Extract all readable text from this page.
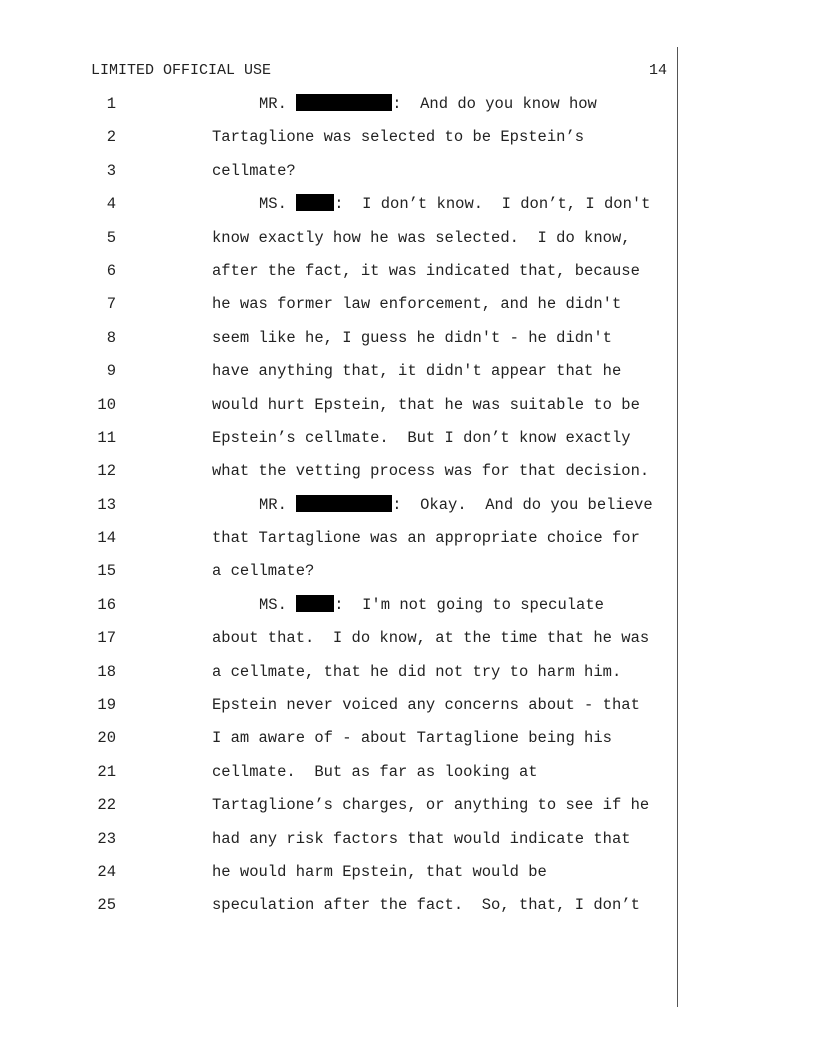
LIMITED OFFICIAL USE	14
1	MR.	:  And do you know how
2	Tartaglione was selected to be Epstein’s
3	cellmate?
4	MS.	:  I don’t know.  I don’t, I don't
5	know exactly how he was selected.  I do know,
6	after the fact, it was indicated that, because
7	he was former law enforcement, and he didn't
8	seem like he, I guess he didn't - he didn't
9	have anything that, it didn't appear that he
10	would hurt Epstein, that he was suitable to be
11	Epstein’s cellmate.  But I don’t know exactly
12	what the vetting process was for that decision.
13	MR.	:  Okay.  And do you believe
14	that Tartaglione was an appropriate choice for
15	a cellmate?
16	MS.	:  I'm not going to speculate
17	about that.  I do know, at the time that he was
18	a cellmate, that he did not try to harm him.
19	Epstein never voiced any concerns about - that
20	I am aware of - about Tartaglione being his
21	cellmate.  But as far as looking at
22	Tartaglione’s charges, or anything to see if he
23	had any risk factors that would indicate that
24	he would harm Epstein, that would be
25	speculation after the fact.  So, that, I don’t
